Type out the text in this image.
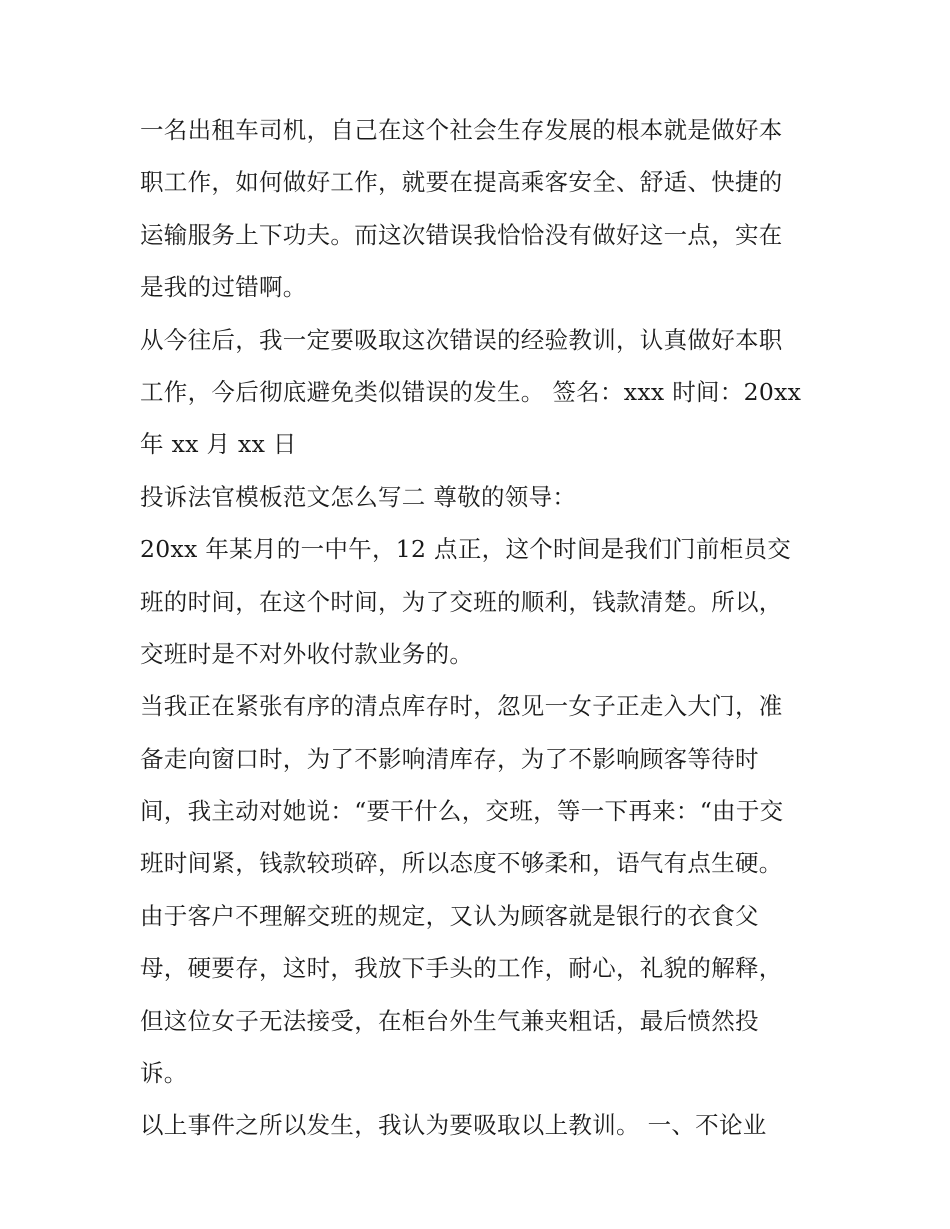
一名出租车司机，自己在这个社会生存发展的根本就是做好本
职工作，如何做好工作，就要在提高乘客安全、舒适、快捷的
运输服务上下功夫。而这次错误我恰恰没有做好这一点，实在
是我的过错啊。

从今往后，我一定要吸取这次错误的经验教训，认真做好本职
工作，今后彻底避免类似错误的发生。 签名：xxx 时间：20xx
年 xx 月 xx 日

投诉法官模板范文怎么写二 尊敬的领导：

20xx 年某月的一中午，12 点正，这个时间是我们门前柜员交
班的时间，在这个时间，为了交班的顺利，钱款清楚。所以，
交班时是不对外收付款业务的。

当我正在紧张有序的清点库存时，忽见一女子正走入大门，准
备走向窗口时，为了不影响清库存，为了不影响顾客等待时
间，我主动对她说：“要干什么，交班，等一下再来：“由于交
班时间紧，钱款较琐碎，所以态度不够柔和，语气有点生硬。
由于客户不理解交班的规定，又认为顾客就是银行的衣食父
母，硬要存，这时，我放下手头的工作，耐心，礼貌的解释，
但这位女子无法接受，在柜台外生气兼夹粗话，最后愤然投
诉。

以上事件之所以发生，我认为要吸取以上教训。 一、不论业
